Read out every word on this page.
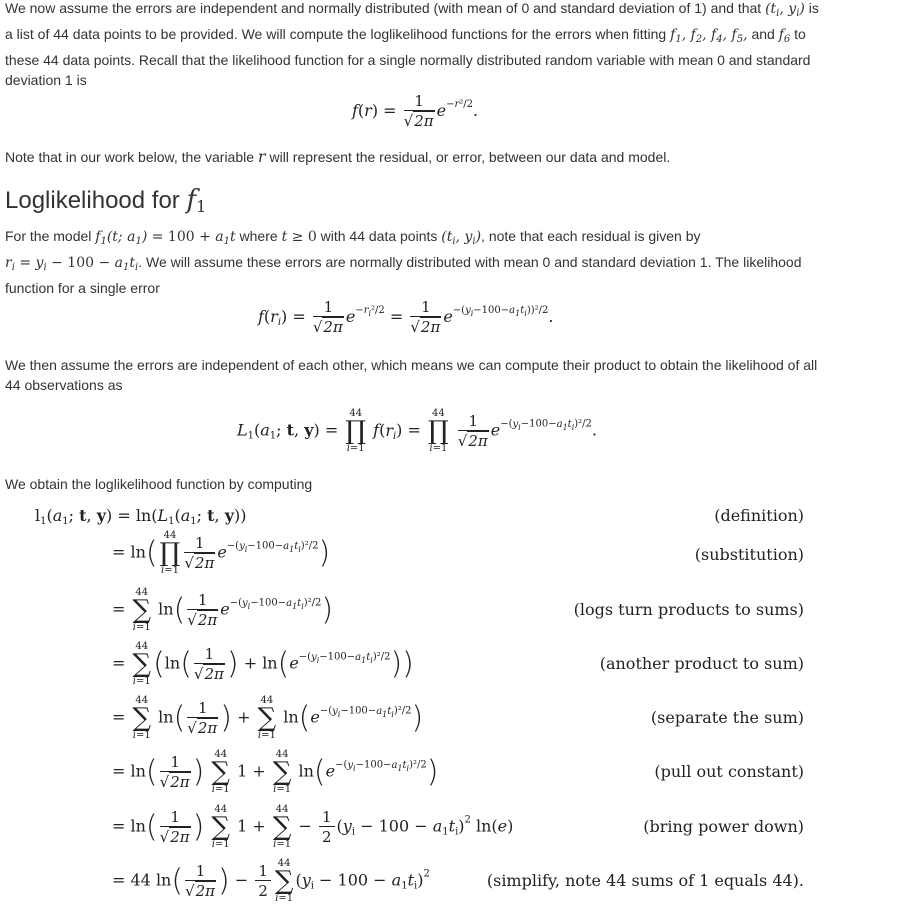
We now assume the errors are independent and normally distributed (with mean of 0 and standard deviation of 1) and that ($t_i$, $y_i$) is
a list of 44 data points to be provided. We will compute the loglikelihood functions for the errors when fitting $f_1$, $f_2$, $f_4$, $f_5$, and $f_6$ to
these 44 data points. Recall that the likelihood function for a single normally distributed random variable with mean 0 and standard
deviation 1 is

$f(r) = \frac{1}{√2\pi} e^{-r^2/2}$.

Note that in our work below, the variable r will represent the residual, or error, between our data and model.

Loglikelihood for f1

For the model $f_1(t$; $a_1) = 100 + a_1t$ where t ≥ 0 with 44 data points ($t_i$, $y_i$), note that each residual is given by
$r_i = y_i - 100 - a_1t_i$. We will assume these errors are normally distributed with mean 0 and standard deviation 1. The likelihood
function for a single error

$f(r_i) = \frac{1}{√2\pi} e^{-r_i^2/2} = \frac{1}{√2\pi} e^{-(y_i-100-a_1t_i))^2/2}$.

We then assume the errors are independent of each other, which means we can compute their product to obtain the likelihood of all
44 observations as

$L_1(a_1$; t, y) =
44
∏
i=1
$f(r_i)$ =
44
∏
i=1
$\frac{1}{√2\pi} e^{-(y_i-100-a_1t_i)^2/2}$.

We obtain the loglikelihood function by computing

$l_1(a_1$; t, $y) = \ln(L_1(a_1$; t, y))	(definition)
= ln( 44
∏
$i=1 \frac{1}{√2\pi} e^{-(y_i-100-a_1t_i)^2/2}$)	(substitution)
=
44
∑
i=1
$\ln( \frac{1}{√2\pi} e^{-(y_i-100-a_1t_i)^2/2})$	(logs turn products to sums)
=
44
∑
i=1 ($\ln( \frac{1}{√2\pi}$ ) + $\ln(e^{-(y_i-100-a_1t_i)^2/2})$)	(another product to sum)
=
44
∑
i=1
$\ln( \frac{1}{√2\pi}$ ) +
44
∑
i=1
$\ln(e^{-(y_i-100-a_1t_i)^2/2})$	(separate the sum)
= $\ln( \frac{1}{√2\pi}$ ) 44
∑
i=1
1 +
44
∑
i=1
$\ln(e^{-(y_i-100-a_1t_i)^2/2})$	(pull out constant)
= $\ln( \frac{1}{√2\pi}$ ) 44
∑
i=1
1 +
44
∑
i=1
− $\frac{1}{2} (y_i - 100 - a_1t_i)^2$ ln(e)	(bring power down)
= 44 $\ln( \frac{1}{√2\pi}$ ) − $\frac{1}{2} 44$
∑
i=1
$(y_i - 100 - a_1t_i)^2$	(simplify, note 44 sums of 1 equals 44).
